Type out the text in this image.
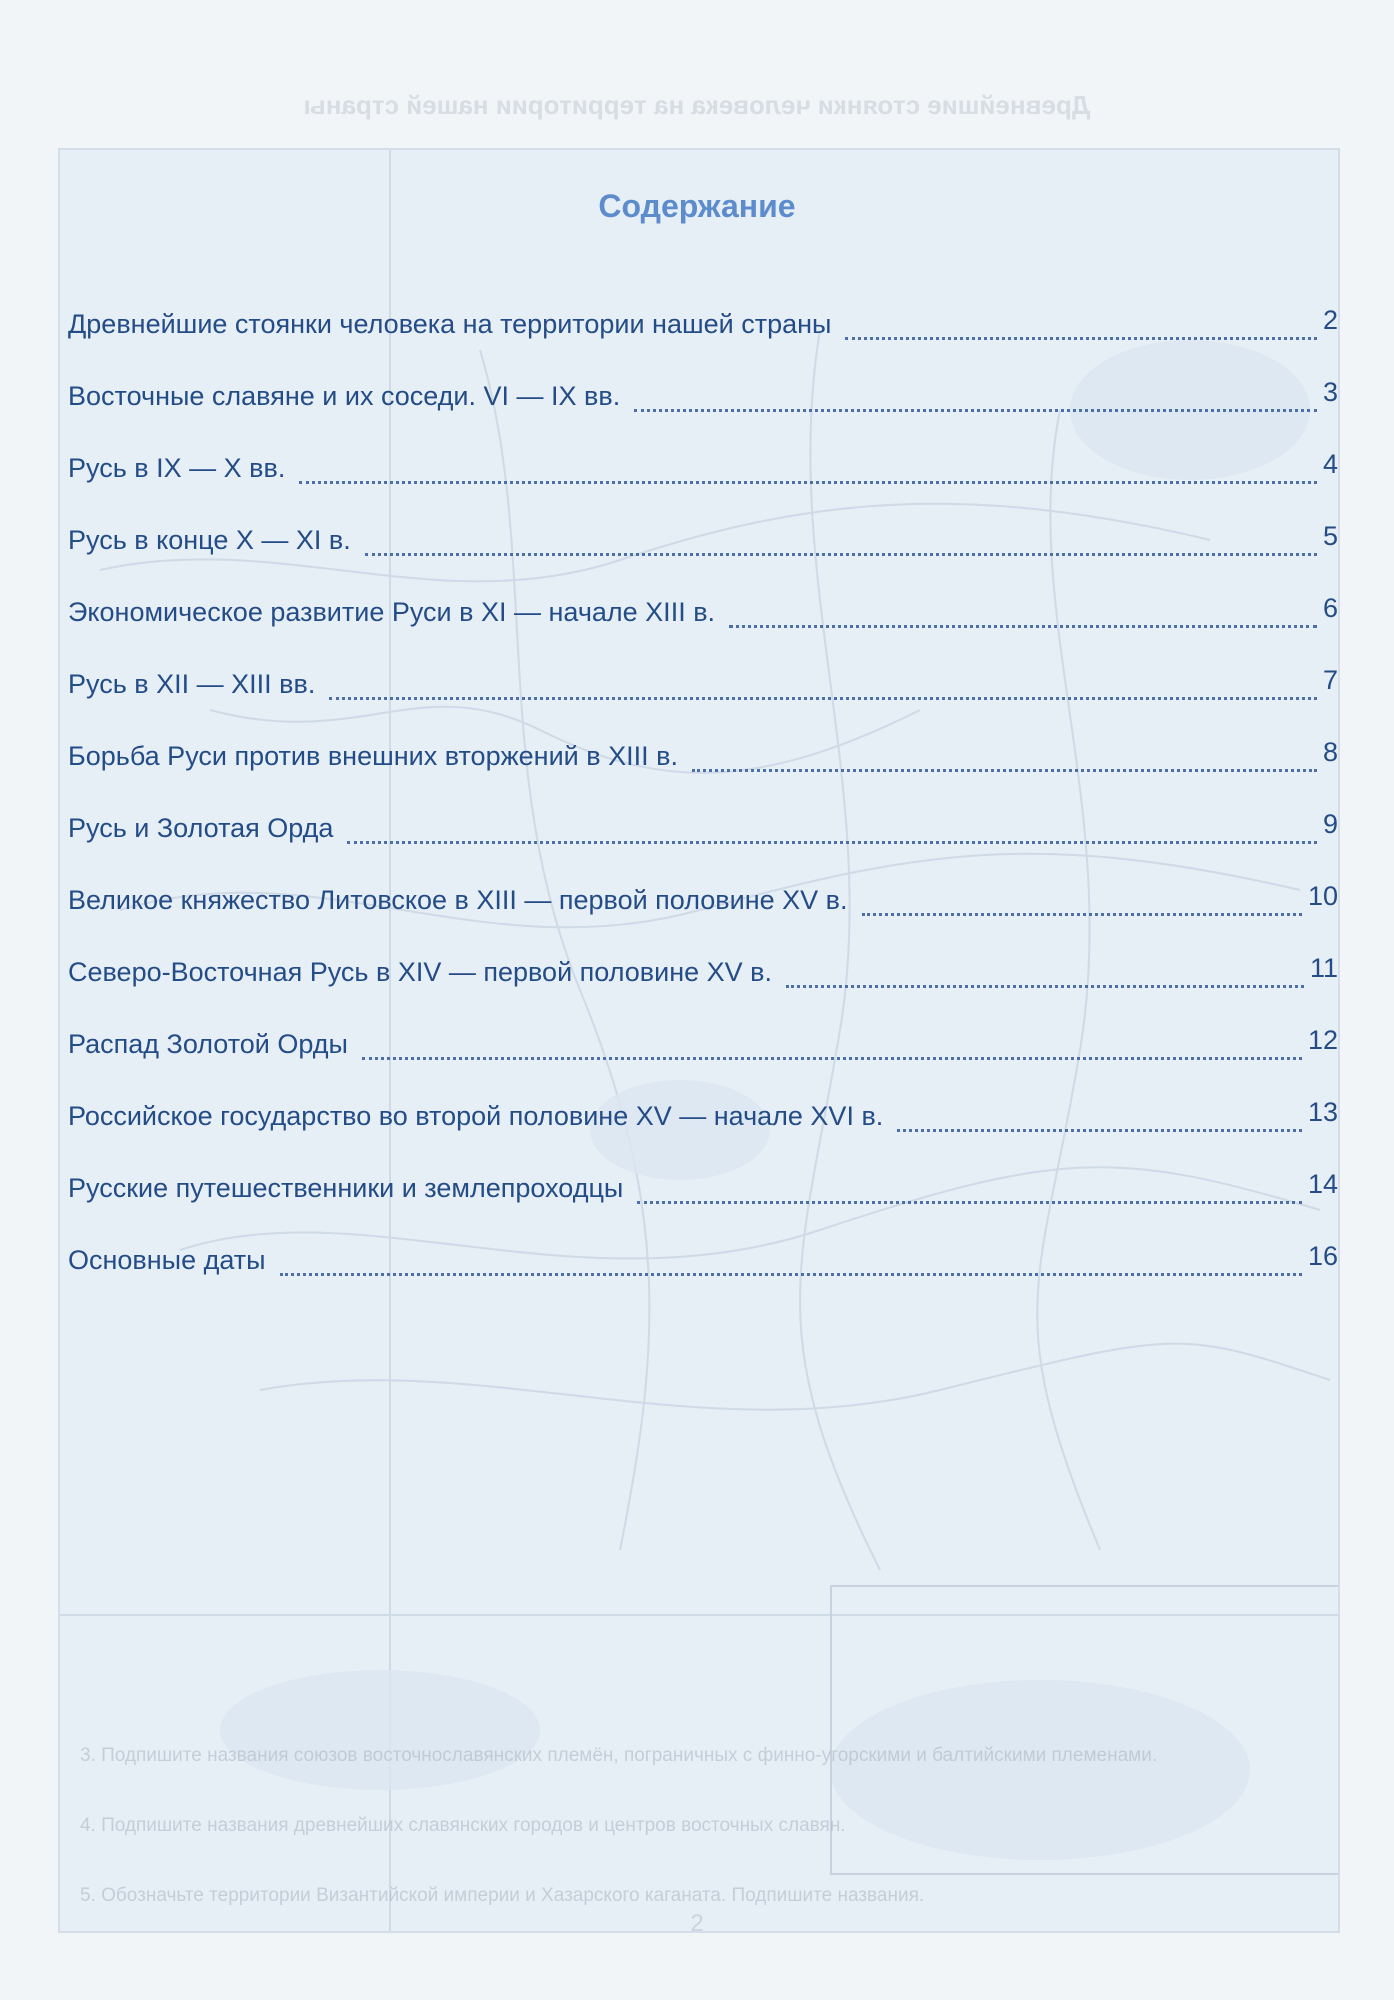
Древнейшие стоянки человека на территории нашей страны
3. Подпишите названия союзов восточнославянских племён, пограничных с финно-угорскими и балтийскими племенами.
4. Подпишите названия древнейших славянских городов и центров восточных славян.
5. Обозначьте территории Византийской империи и Хазарского каганата. Подпишите названия.
2
Содержание
Древнейшие стоянки человека на территории нашей страны	2
Восточные славяне и их соседи. VI — IX вв.	3
Русь в IX — X вв.	4
Русь в конце X — XI в.	5
Экономическое развитие Руси в XI — начале XIII в.	6
Русь в XII — XIII вв.	7
Борьба Руси против внешних вторжений в XIII в.	8
Русь и Золотая Орда	9
Великое княжество Литовское в XIII — первой половине XV в.	10
Северо-Восточная Русь в XIV — первой половине XV в.	11
Распад Золотой Орды	12
Российское государство во второй половине XV — начале XVI в.	13
Русские путешественники и землепроходцы	14
Основные даты	16
